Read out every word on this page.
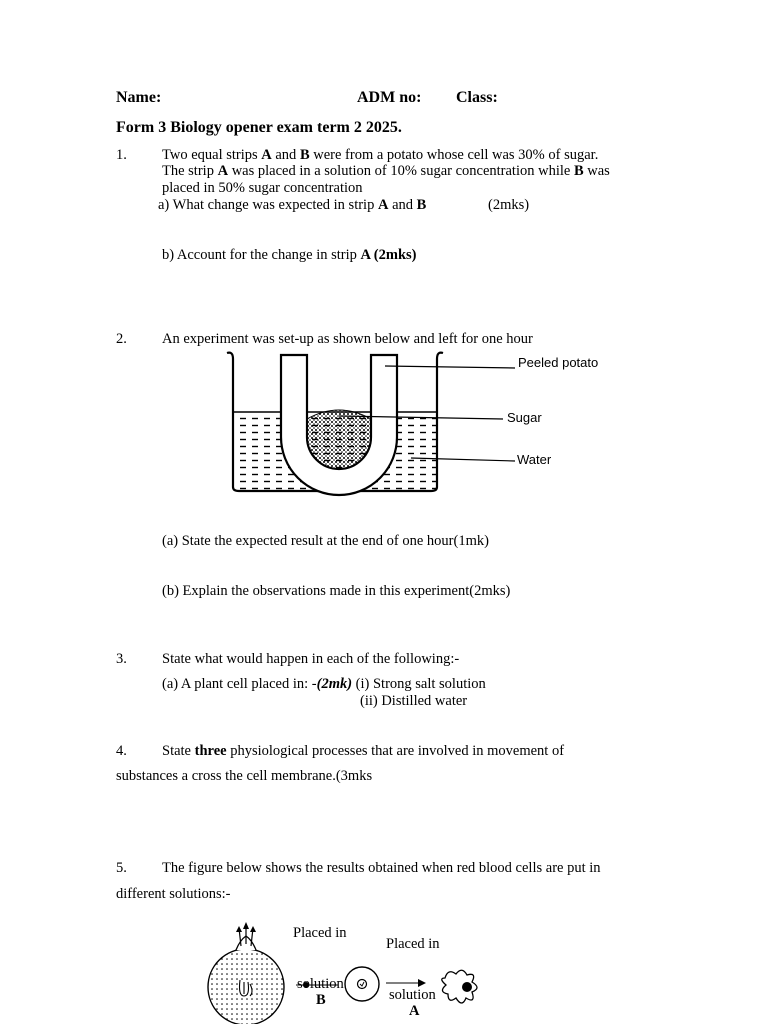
Name:	ADM no: Class:
Form 3 Biology opener exam term 2 2025.
1. Two equal strips A and B were from a potato whose cell was 30% of sugar.
The strip A was placed in a solution of 10% sugar concentration while B was
placed in 50% sugar concentration
a) What change was expected in strip A and B	(2mks)
b) Account for the change in strip A (2mks)
2. An experiment was set-up as shown below and left for one hour
Peeled potato
Sugar
Water
(a) State the expected result at the end of one hour(1mk)
(b) Explain the observations made in this experiment(2mks)
3. State what would happen in each of the following:-
(a) A plant cell placed in: -(2mk) (i) Strong salt solution
(ii) Distilled water
4. State three physiological processes that are involved in movement of
substances a cross the cell membrane.(3mks
5. The figure below shows the results obtained when red blood cells are put in
different solutions:-
Placed in
Placed in
solution
B	solution
A
